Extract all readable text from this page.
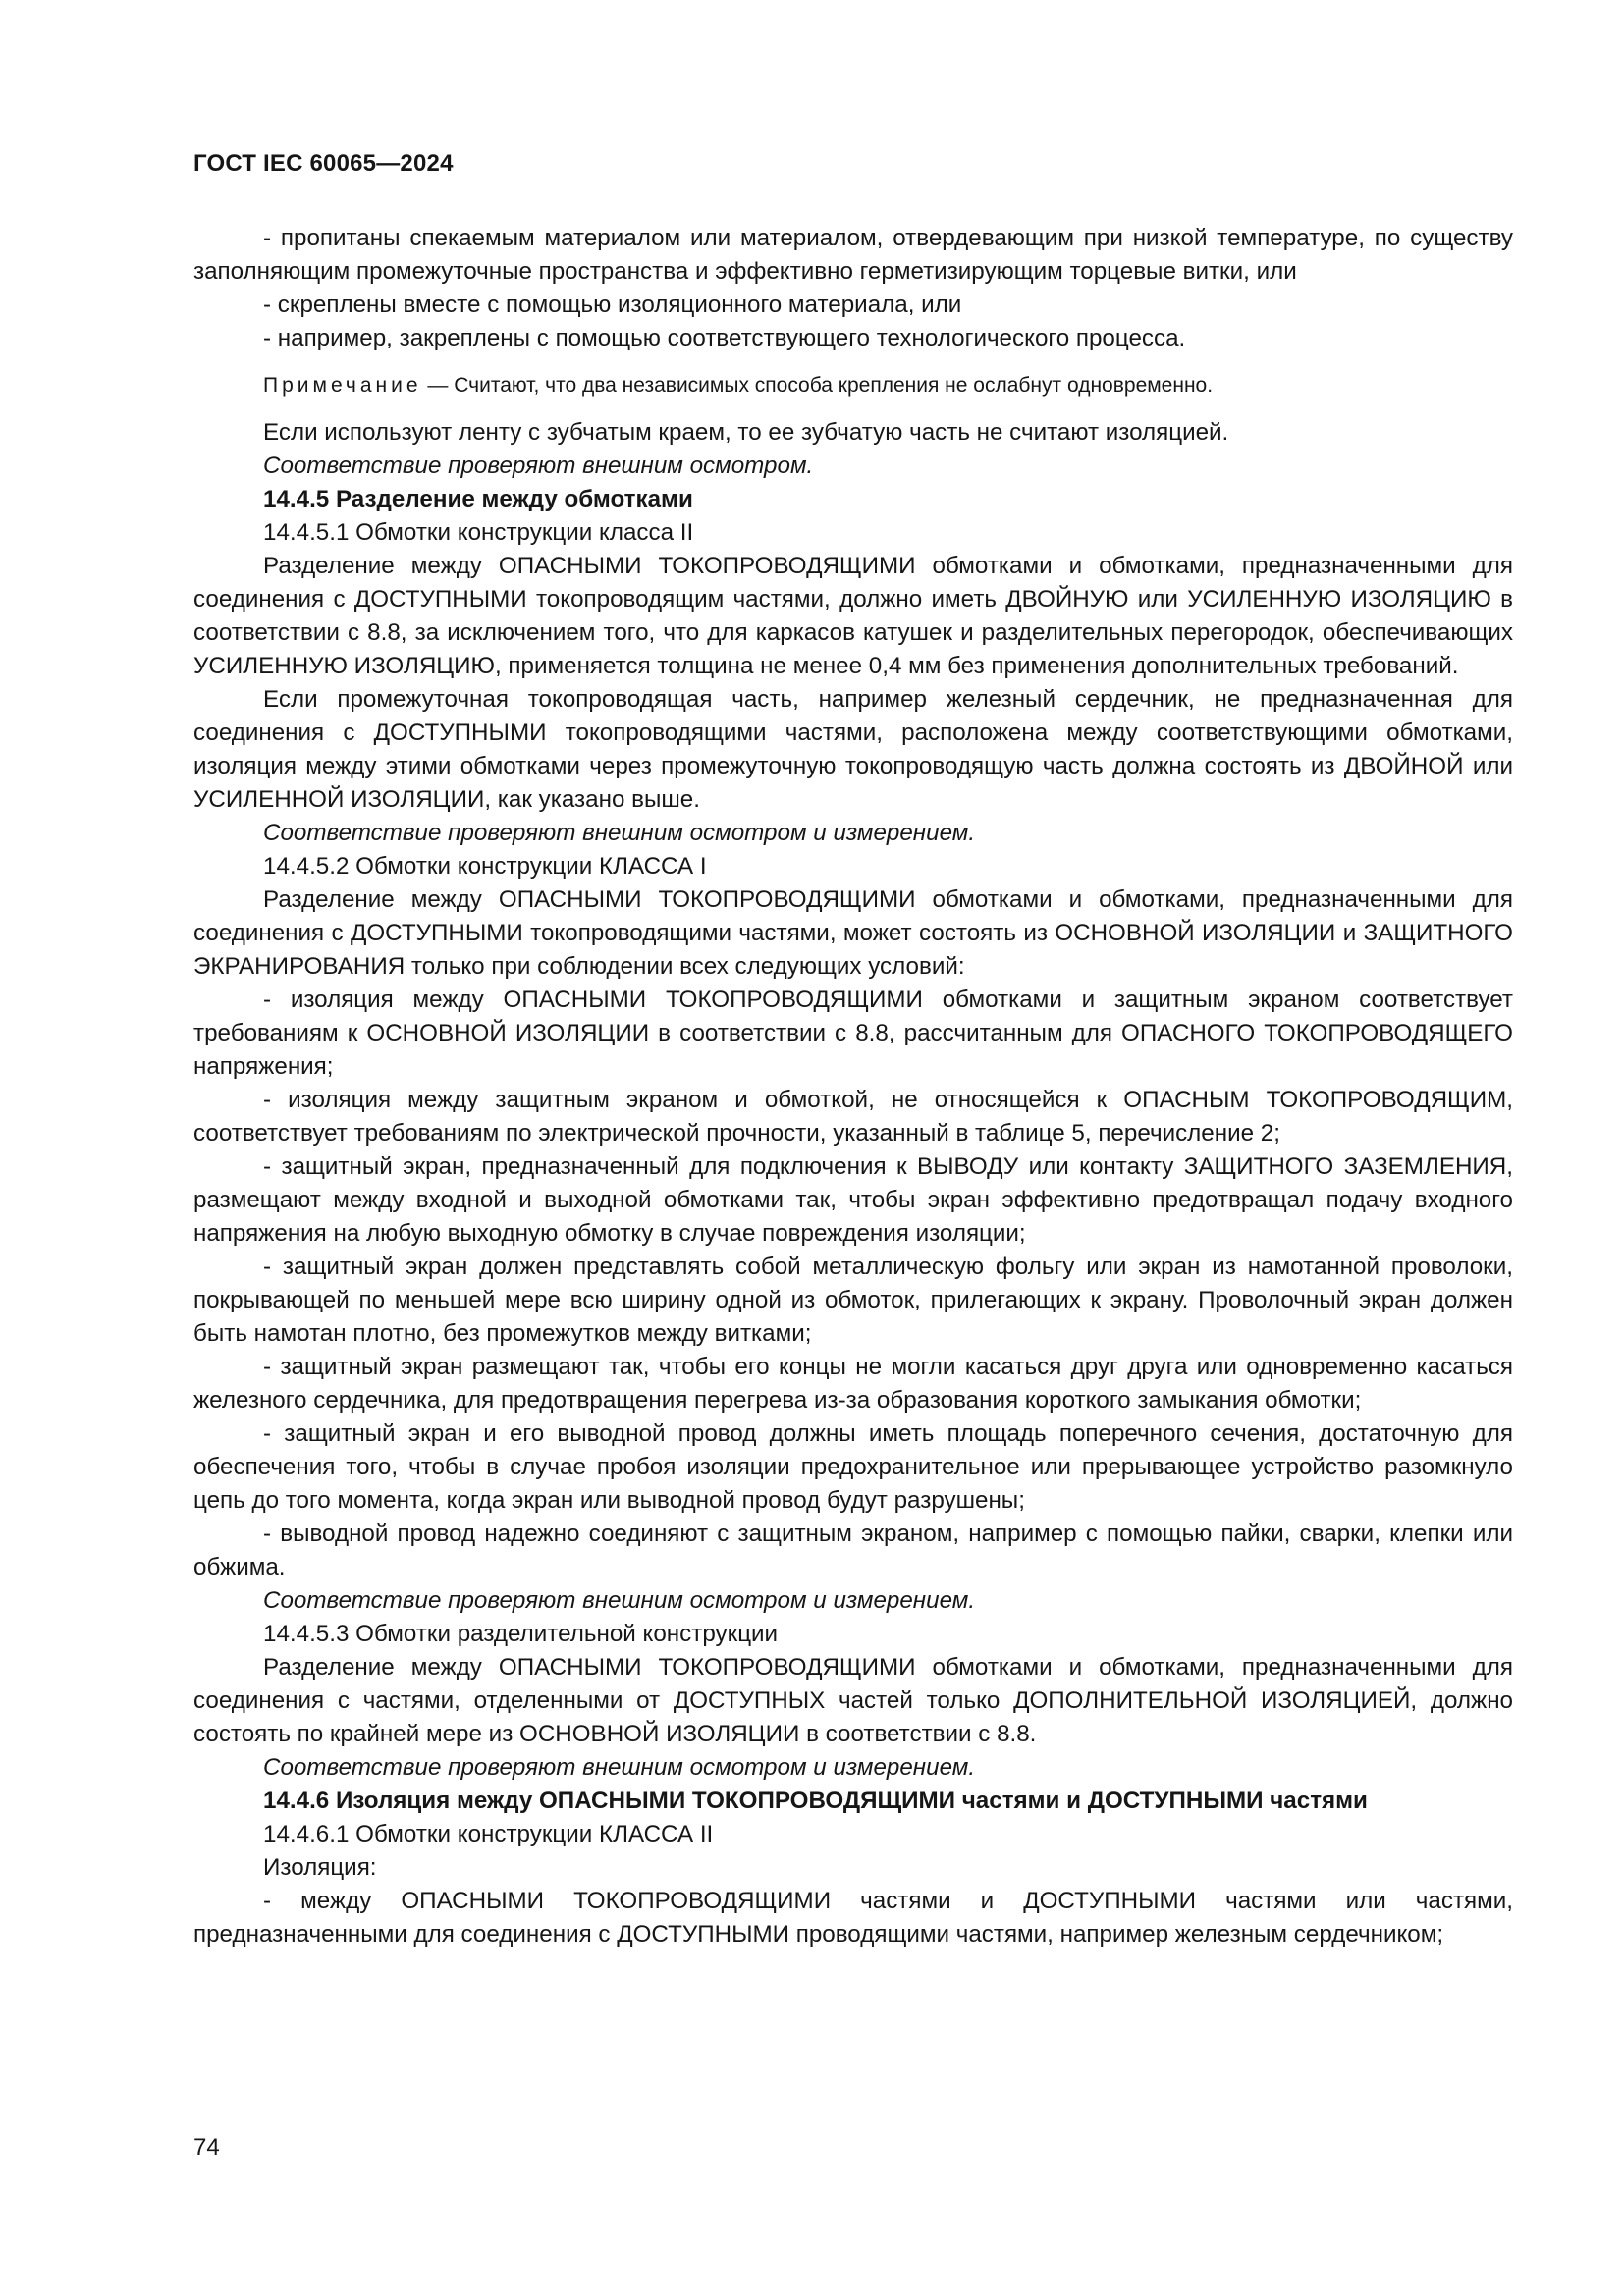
ГОСТ IEC 60065—2024

- пропитаны спекаемым материалом или материалом, отвердевающим при низкой температуре, по существу заполняющим промежуточные пространства и эффективно герметизирующим торцевые витки, или

- скреплены вместе с помощью изоляционного материала, или

- например, закреплены с помощью соответствующего технологического процесса.

Примечание — Считают, что два независимых способа крепления не ослабнут одновременно.

Если используют ленту с зубчатым краем, то ее зубчатую часть не считают изоляцией.

Соответствие проверяют внешним осмотром.

14.4.5 Разделение между обмотками

14.4.5.1 Обмотки конструкции класса II

Разделение между ОПАСНЫМИ ТОКОПРОВОДЯЩИМИ обмотками и обмотками, предназначенными для соединения с ДОСТУПНЫМИ токопроводящим частями, должно иметь ДВОЙНУЮ или УСИЛЕННУЮ ИЗОЛЯЦИЮ в соответствии с 8.8, за исключением того, что для каркасов катушек и разделительных перегородок, обеспечивающих УСИЛЕННУЮ ИЗОЛЯЦИЮ, применяется толщина не менее 0,4 мм без применения дополнительных требований.

Если промежуточная токопроводящая часть, например железный сердечник, не предназначенная для соединения с ДОСТУПНЫМИ токопроводящими частями, расположена между соответствующими обмотками, изоляция между этими обмотками через промежуточную токопроводящую часть должна состоять из ДВОЙНОЙ или УСИЛЕННОЙ ИЗОЛЯЦИИ, как указано выше.

Соответствие проверяют внешним осмотром и измерением.

14.4.5.2 Обмотки конструкции КЛАССА I

Разделение между ОПАСНЫМИ ТОКОПРОВОДЯЩИМИ обмотками и обмотками, предназначенными для соединения с ДОСТУПНЫМИ токопроводящими частями, может состоять из ОСНОВНОЙ ИЗОЛЯЦИИ и ЗАЩИТНОГО ЭКРАНИРОВАНИЯ только при соблюдении всех следующих условий:

- изоляция между ОПАСНЫМИ ТОКОПРОВОДЯЩИМИ обмотками и защитным экраном соответствует требованиям к ОСНОВНОЙ ИЗОЛЯЦИИ в соответствии с 8.8, рассчитанным для ОПАСНОГО ТОКОПРОВОДЯЩЕГО напряжения;

- изоляция между защитным экраном и обмоткой, не относящейся к ОПАСНЫМ ТОКОПРОВОДЯЩИМ, соответствует требованиям по электрической прочности, указанный в таблице 5, перечисление 2;

- защитный экран, предназначенный для подключения к ВЫВОДУ или контакту ЗАЩИТНОГО ЗАЗЕМЛЕНИЯ, размещают между входной и выходной обмотками так, чтобы экран эффективно предотвращал подачу входного напряжения на любую выходную обмотку в случае повреждения изоляции;

- защитный экран должен представлять собой металлическую фольгу или экран из намотанной проволоки, покрывающей по меньшей мере всю ширину одной из обмоток, прилегающих к экрану. Проволочный экран должен быть намотан плотно, без промежутков между витками;

- защитный экран размещают так, чтобы его концы не могли касаться друг друга или одновременно касаться железного сердечника, для предотвращения перегрева из-за образования короткого замыкания обмотки;

- защитный экран и его выводной провод должны иметь площадь поперечного сечения, достаточную для обеспечения того, чтобы в случае пробоя изоляции предохранительное или прерывающее устройство разомкнуло цепь до того момента, когда экран или выводной провод будут разрушены;

- выводной провод надежно соединяют с защитным экраном, например с помощью пайки, сварки, клепки или обжима.

Соответствие проверяют внешним осмотром и измерением.

14.4.5.3 Обмотки разделительной конструкции

Разделение между ОПАСНЫМИ ТОКОПРОВОДЯЩИМИ обмотками и обмотками, предназначенными для соединения с частями, отделенными от ДОСТУПНЫХ частей только ДОПОЛНИТЕЛЬНОЙ ИЗОЛЯЦИЕЙ, должно состоять по крайней мере из ОСНОВНОЙ ИЗОЛЯЦИИ в соответствии с 8.8.

Соответствие проверяют внешним осмотром и измерением.

14.4.6 Изоляция между ОПАСНЫМИ ТОКОПРОВОДЯЩИМИ частями и ДОСТУПНЫМИ частями

14.4.6.1 Обмотки конструкции КЛАССА II

Изоляция:

- между ОПАСНЫМИ ТОКОПРОВОДЯЩИМИ частями и ДОСТУПНЫМИ частями или частями, предназначенными для соединения с ДОСТУПНЫМИ проводящими частями, например железным сердечником;

74
